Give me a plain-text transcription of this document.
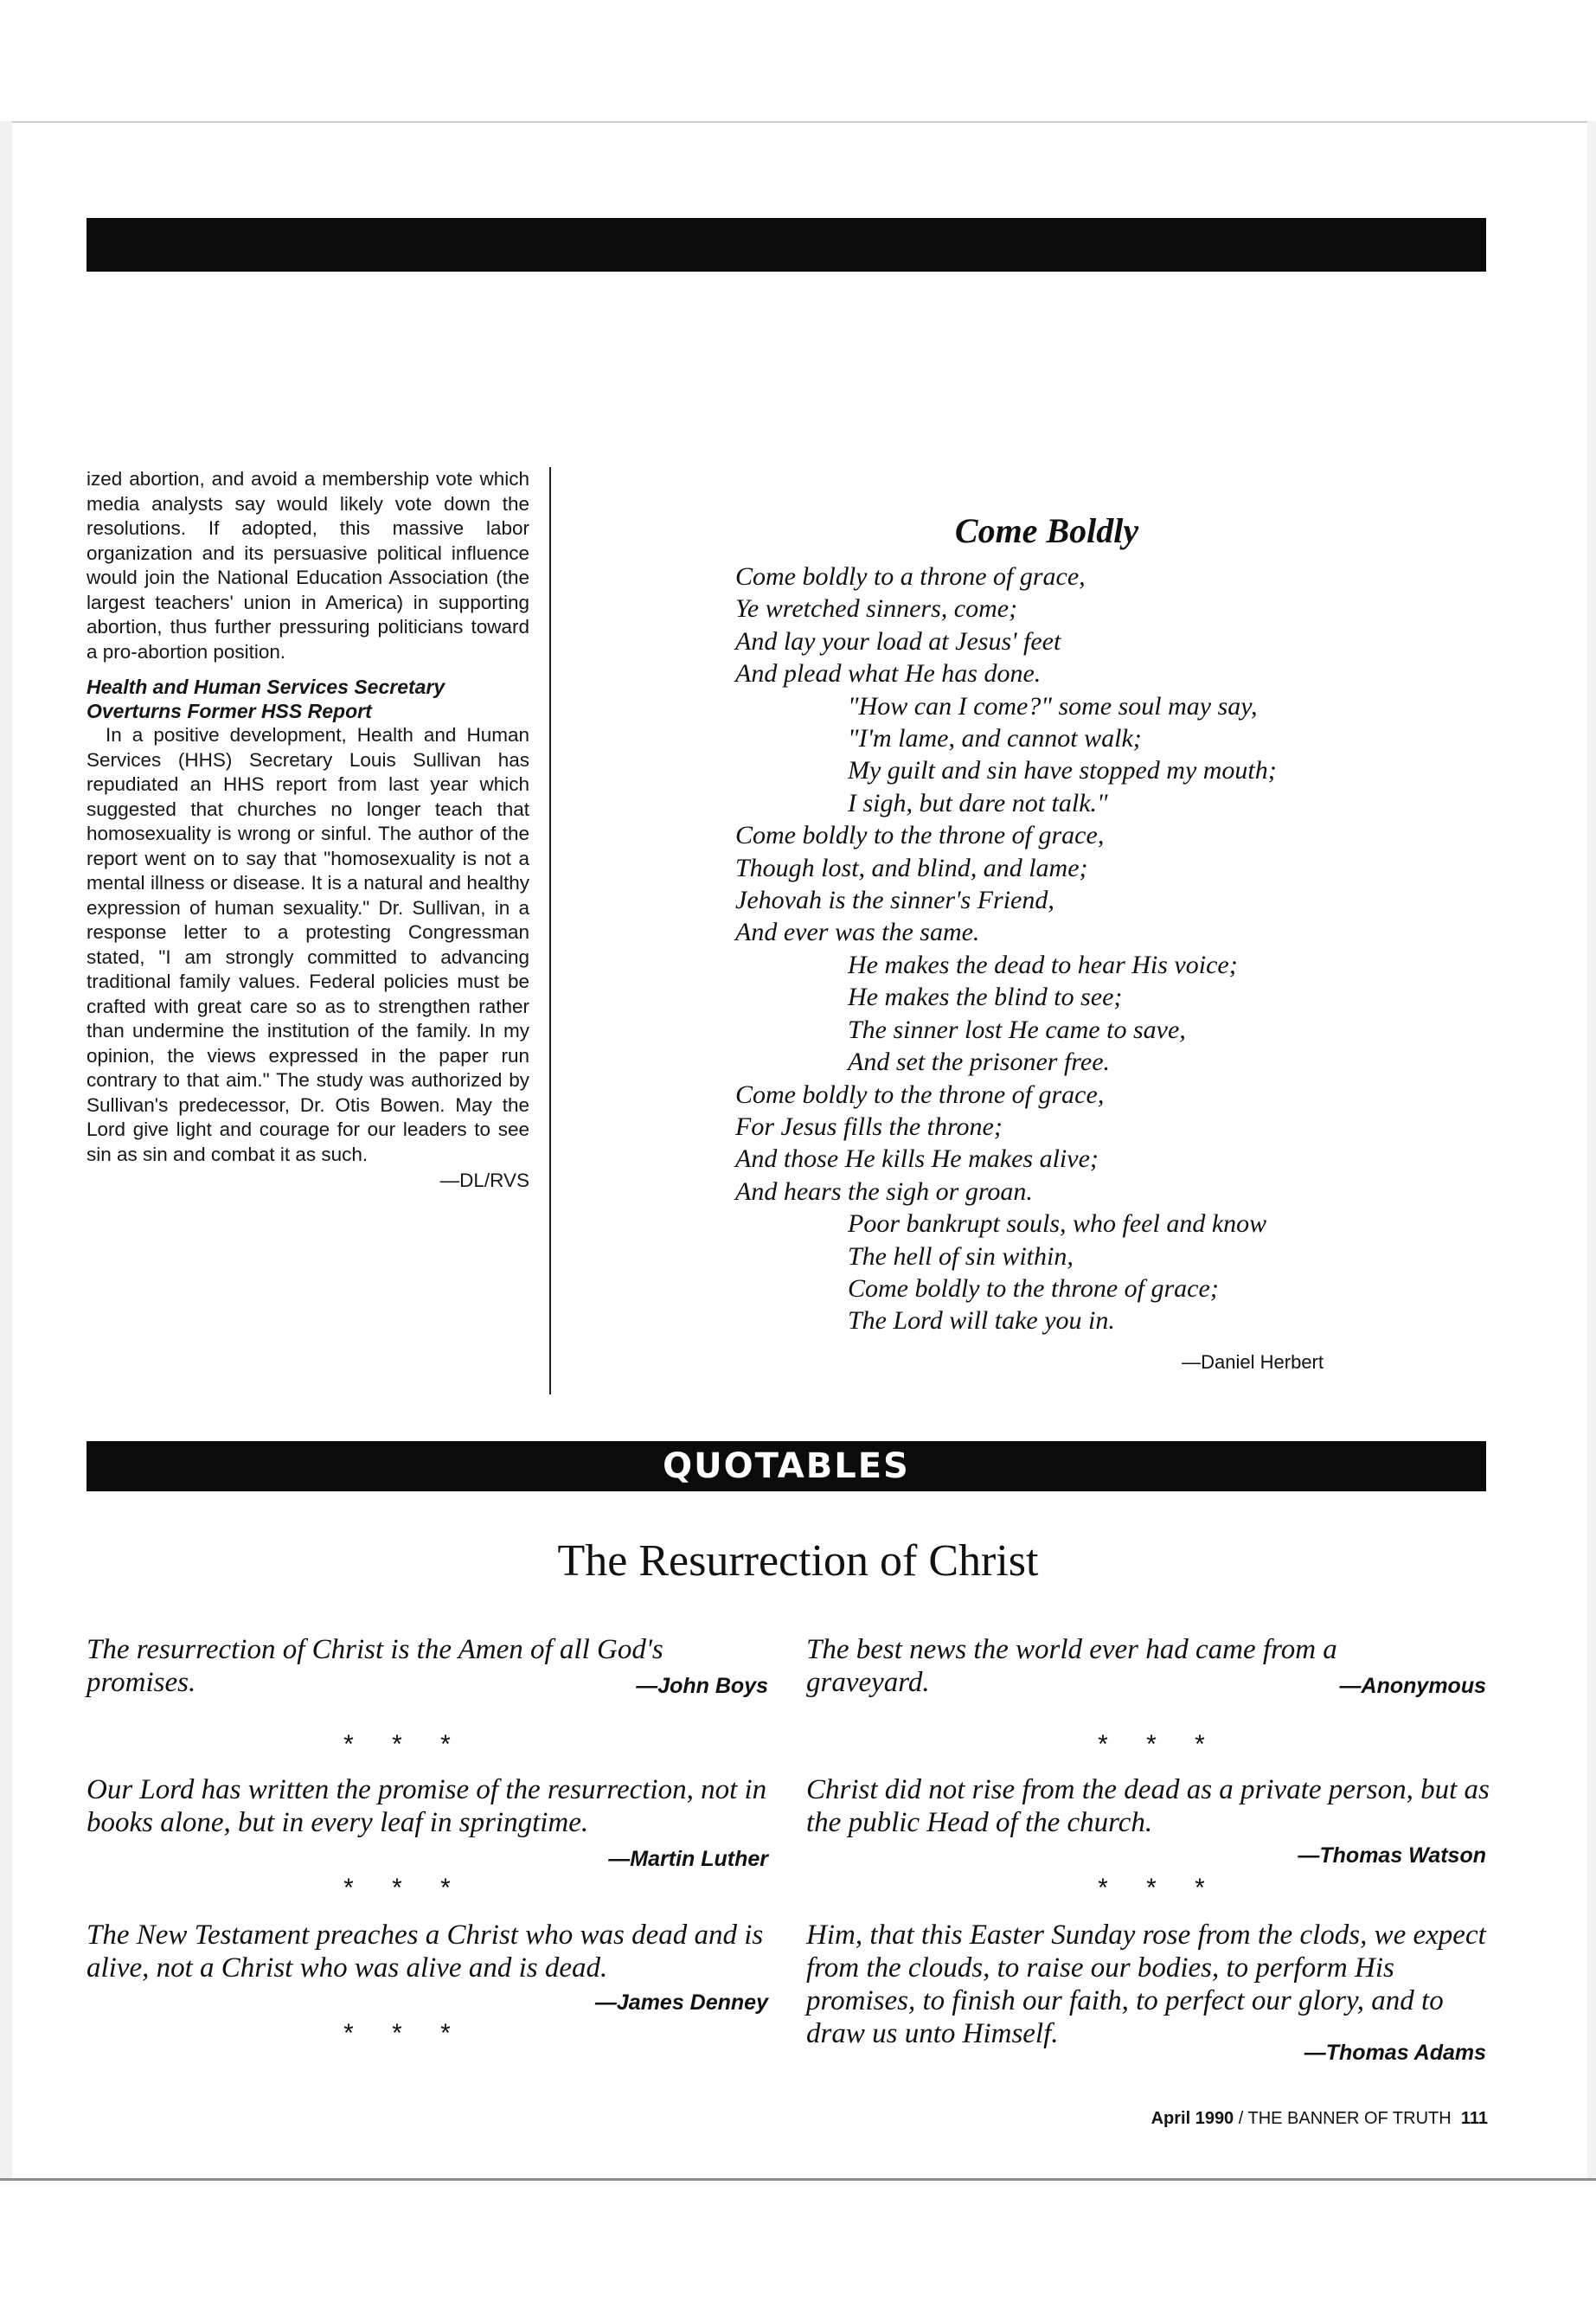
ized abortion, and avoid a membership vote which media analysts say would likely vote down the resolutions. If adopted, this massive labor organization and its persuasive political influence would join the National Education Association (the largest teachers' union in America) in supporting abortion, thus further pressuring politicians toward a pro-abortion position.

Health and Human Services Secretary Overturns Former HSS Report

In a positive development, Health and Human Services (HHS) Secretary Louis Sullivan has repudiated an HHS report from last year which suggested that churches no longer teach that homosexuality is wrong or sinful. The author of the report went on to say that "homosexuality is not a mental illness or disease. It is a natural and healthy expression of human sexuality." Dr. Sullivan, in a response letter to a protesting Congressman stated, "I am strongly committed to advancing traditional family values. Federal policies must be crafted with great care so as to strengthen rather than undermine the institution of the family. In my opinion, the views expressed in the paper run contrary to that aim." The study was authorized by Sullivan's predecessor, Dr. Otis Bowen. May the Lord give light and courage for our leaders to see sin as sin and combat it as such.

—DL/RVS

Come Boldly
Come boldly to a throne of grace,
Ye wretched sinners, come;
And lay your load at Jesus' feet
And plead what He has done.
"How can I come?" some soul may say,
"I'm lame, and cannot walk;
My guilt and sin have stopped my mouth;
I sigh, but dare not talk."
Come boldly to the throne of grace,
Though lost, and blind, and lame;
Jehovah is the sinner's Friend,
And ever was the same.
He makes the dead to hear His voice;
He makes the blind to see;
The sinner lost He came to save,
And set the prisoner free.
Come boldly to the throne of grace,
For Jesus fills the throne;
And those He kills He makes alive;
And hears the sigh or groan.
Poor bankrupt souls, who feel and know
The hell of sin within,
Come boldly to the throne of grace;
The Lord will take you in.
—Daniel Herbert
QUOTABLES
The Resurrection of Christ
The resurrection of Christ is the Amen of all God's promises.	—John Boys
* * *
Our Lord has written the promise of the resurrection, not in books alone, but in every leaf in springtime.
—Martin Luther
* * *
The New Testament preaches a Christ who was dead and is alive, not a Christ who was alive and is dead.
—James Denney
* * *
The best news the world ever had came from a graveyard.	—Anonymous
* * *
Christ did not rise from the dead as a private person, but as the public Head of the church.
—Thomas Watson
* * *
Him, that this Easter Sunday rose from the clods, we expect from the clouds, to raise our bodies, to perform His promises, to finish our faith, to perfect our glory, and to draw us unto Himself.
—Thomas Adams
April 1990 / THE BANNER OF TRUTH 111
